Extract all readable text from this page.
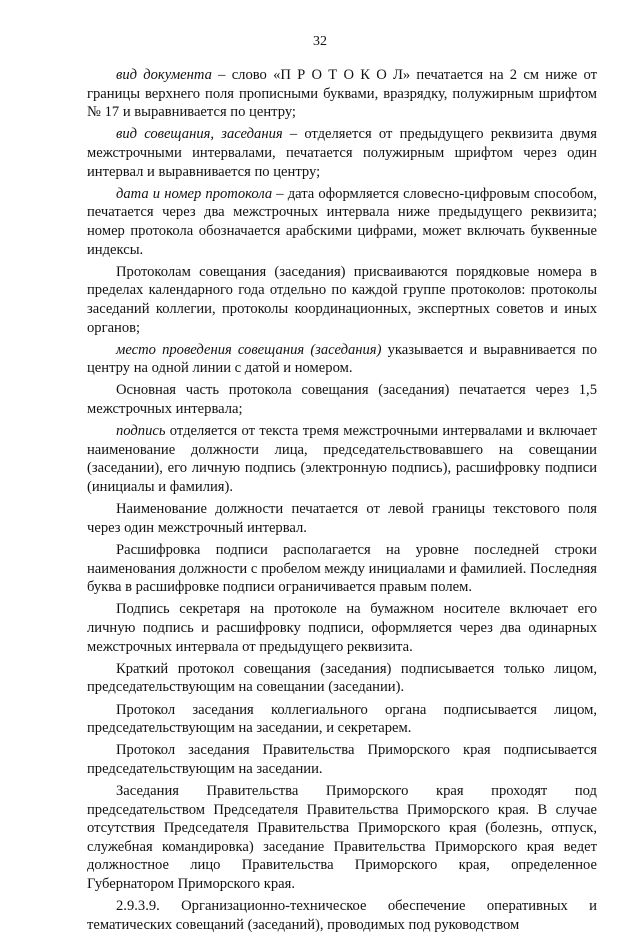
32

вид документа – слово «П Р О Т О К О Л» печатается на 2 см ниже от границы верхнего поля прописными буквами, вразрядку, полужирным шрифтом № 17 и выравнивается по центру;

вид совещания, заседания – отделяется от предыдущего реквизита двумя межстрочными интервалами, печатается полужирным шрифтом через один интервал и выравнивается по центру;

дата и номер протокола – дата оформляется словесно-цифровым способом, печатается через два межстрочных интервала ниже предыдущего реквизита; номер протокола обозначается арабскими цифрами, может включать буквенные индексы.

Протоколам совещания (заседания) присваиваются порядковые номера в пределах календарного года отдельно по каждой группе протоколов: протоколы заседаний коллегии, протоколы координационных, экспертных советов и иных органов;

место проведения совещания (заседания) указывается и выравнивается по центру на одной линии с датой и номером.

Основная часть протокола совещания (заседания) печатается через 1,5 межстрочных интервала;

подпись отделяется от текста тремя межстрочными интервалами и включает наименование должности лица, председательствовавшего на совещании (заседании), его личную подпись (электронную подпись), расшифровку подписи (инициалы и фамилия).

Наименование должности печатается от левой границы текстового поля через один межстрочный интервал.

Расшифровка подписи располагается на уровне последней строки наименования должности с пробелом между инициалами и фамилией. Последняя буква в расшифровке подписи ограничивается правым полем.

Подпись секретаря на протоколе на бумажном носителе включает его личную подпись и расшифровку подписи, оформляется через два одинарных межстрочных интервала от предыдущего реквизита.

Краткий протокол совещания (заседания) подписывается только лицом, председательствующим на совещании (заседании).

Протокол заседания коллегиального органа подписывается лицом, председательствующим на заседании, и секретарем.

Протокол заседания Правительства Приморского края подписывается председательствующим на заседании.

Заседания Правительства Приморского края проходят под председательством Председателя Правительства Приморского края. В случае отсутствия Председателя Правительства Приморского края (болезнь, отпуск, служебная командировка) заседание Правительства Приморского края ведет должностное лицо Правительства Приморского края, определенное Губернатором Приморского края.

2.9.3.9. Организационно-техническое обеспечение оперативных и тематических совещаний (заседаний), проводимых под руководством
